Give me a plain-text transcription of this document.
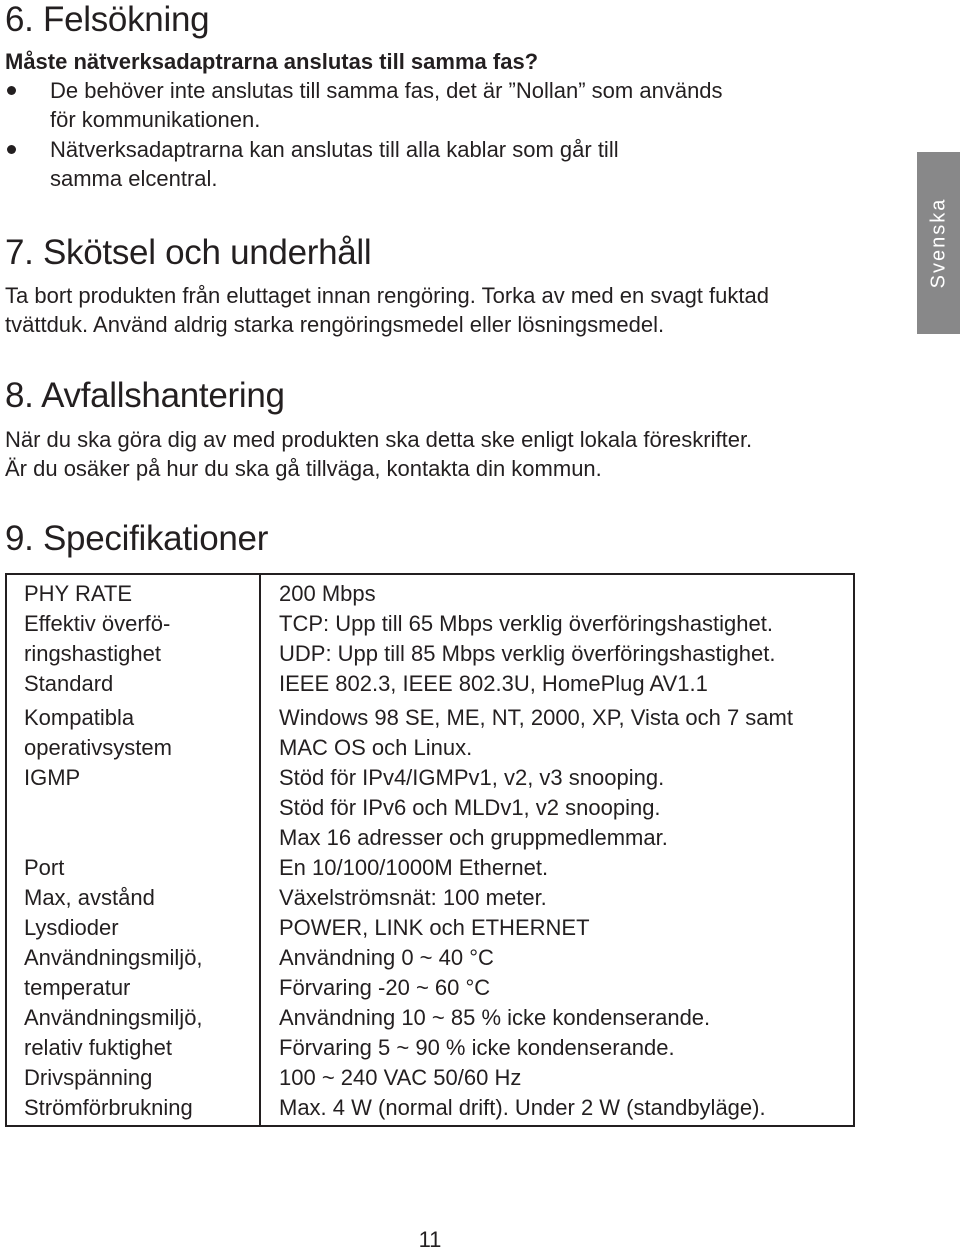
6. Felsökning
Måste nätverksadaptrarna anslutas till samma fas?
De behöver inte anslutas till samma fas, det är ”Nollan” som används
för kommunikationen.
Nätverksadaptrarna kan anslutas till alla kablar som går till
samma elcentral.
7. Skötsel och underhåll

Ta bort produkten från eluttaget innan rengöring. Torka av med en svagt fuktad
tvättduk. Använd aldrig starka rengöringsmedel eller lösningsmedel.

Svenska
8. Avfallshantering

När du ska göra dig av med produkten ska detta ske enligt lokala föreskrifter.
Är du osäker på hur du ska gå tillväga, kontakta din kommun.

9. Specifikationer
PHY RATE	200 Mbps

Effektiv överfö-
ringshastighet	TCP: Upp till 65 Mbps verklig överföringshastighet.
UDP: Upp till 85 Mbps verklig överföringshastighet.

Standard	IEEE 802.3, IEEE 802.3U, HomePlug AV1.1

Kompatibla
operativsystem	Windows 98 SE, ME, NT, 2000, XP, Vista och 7 samt
MAC OS och Linux.

IGMP	Stöd för IPv4/IGMPv1, v2, v3 snooping.
Stöd för IPv6 och MLDv1, v2 snooping.
Max 16 adresser och gruppmedlemmar.

Port	En 10/100/1000M Ethernet.

Max, avstånd	Växelströmsnät: 100 meter.

Lysdioder	POWER, LINK och ETHERNET

Användningsmiljö,
temperatur	Användning 0 ~ 40 °C
Förvaring -20 ~ 60 °C

Användningsmiljö,
relativ fuktighet	Användning 10 ~ 85 % icke kondenserande.
Förvaring 5 ~ 90 % icke kondenserande.

Drivspänning	100 ~ 240 VAC 50/60 Hz

Strömförbrukning	Max. 4 W (normal drift). Under 2 W (standbyläge).
11
